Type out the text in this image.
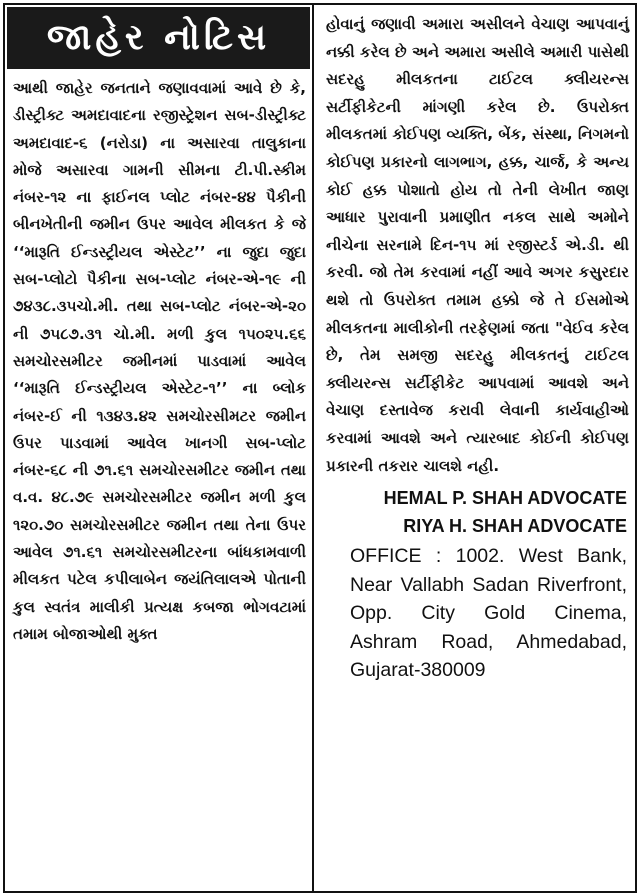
જાહેર નોટિસ

આથી જાહેર જનતાને જણાવવામાં આવે છે કે, ડીસ્ટ્રીક્ટ અમદાવાદના રજીસ્ટ્રેશન સબ-ડીસ્ટ્રીક્ટ અમદાવાદ-૬ (નરોડા) ના અસારવા તાલુકાના મોજે અસારવા ગામની સીમના ટી.પી.સ્કીમ નંબર-૧૨ ના ફાઈનલ પ્લોટ નંબર-૪૪ પૈકીની બીનખેતીની જમીન ઉપર આવેલ મીલકત કે જે ‘‘મારૂતિ ઈન્ડસ્ટ્રીયલ એસ્ટેટ’’ ના જુદા જુદા સબ-પ્લોટો પૈકીના સબ-પ્લોટ નંબર-એ-૧૯ ની ૭૪૩૮.૩૫ચો.મી. તથા સબ-પ્લોટ નંબર-એ-૨૦ ની ૭૫૮૭.૩૧ ચો.મી. મળી કુલ ૧૫૦૨૫.૬૬ સમચોરસમીટર જમીનમાં પાડવામાં આવેલ ‘‘મારૂતિ ઈન્ડસ્ટ્રીયલ એસ્ટેટ-૧’’ ના બ્લોક નંબર-ઈ ની ૧૩૪૩.૪૨ સમચોરસીમટર જમીન ઉપર પાડવામાં આવેલ ખાનગી સબ-પ્લોટ નંબર-૬૮ ની ૭૧.૬૧ સમચોરસમીટર જમીન તથા વ.વ. ૪૮.૭૯ સમચોરસમીટર જમીન મળી કુલ ૧૨૦.૭૦ સમચોરસમીટર જમીન તથા તેના ઉપર આવેલ ૭૧.૬૧ સમચોરસમીટરના બાંધકામવાળી મીલકત પટેલ કપીલાબેન જયંતિલાલએ પોતાની કુલ સ્વતંત્ર માલીકી પ્રત્યક્ષ કબજા ભોગવટામાં તમામ બોજાઓથી મુક્ત

હોવાનું જણાવી અમારા અસીલને વેચાણ આપવાનું નક્કી કરેલ છે અને અમારા અસીલે અમારી પાસેથી સદરહુ મીલકતના ટાઈટલ ક્લીયરન્સ સર્ટીફીકેટની માંગણી કરેલ છે. ઉપરોક્ત મીલકતમાં કોઈપણ વ્યક્તિ, બેંક, સંસ્થા, નિગમનો કોઈપણ પ્રકારનો લાગભાગ, હક્ક, ચાર્જ, કે અન્ય કોઈ હક્ક પોશાતો હોય તો તેની લેખીત જાણ આધાર પુરાવાની પ્રમાણીત નકલ સાથે અમોને નીચેના સરનામે દિન-૧૫ માં રજીસ્ટર્ડ એ.ડી. થી કરવી. જો તેમ કરવામાં નહીં આવે અગર કસુરદાર થશે તો ઉપરોક્ત તમામ હક્કો જે તે ઈસમોએ મીલકતના માલીકોની તરફેણમાં જતા "વેઈવ કરેલ છે, તેમ સમજી સદરહુ મીલકતનું ટાઈટલ ક્લીયરન્સ સર્ટીફીકેટ આપવામાં આવશે અને વેચાણ દસ્તાવેજ કરાવી લેવાની કાર્યવાહીઓ કરવામાં આવશે અને ત્યારબાદ કોઈની કોઈપણ પ્રકારની તકરાર ચાલશે નહી.

HEMAL P. SHAH ADVOCATE
RIYA H. SHAH ADVOCATE
OFFICE : 1002. West Bank, Near Vallabh Sadan Riverfront, Opp. City Gold Cinema, Ashram Road, Ahmedabad, Gujarat-380009
